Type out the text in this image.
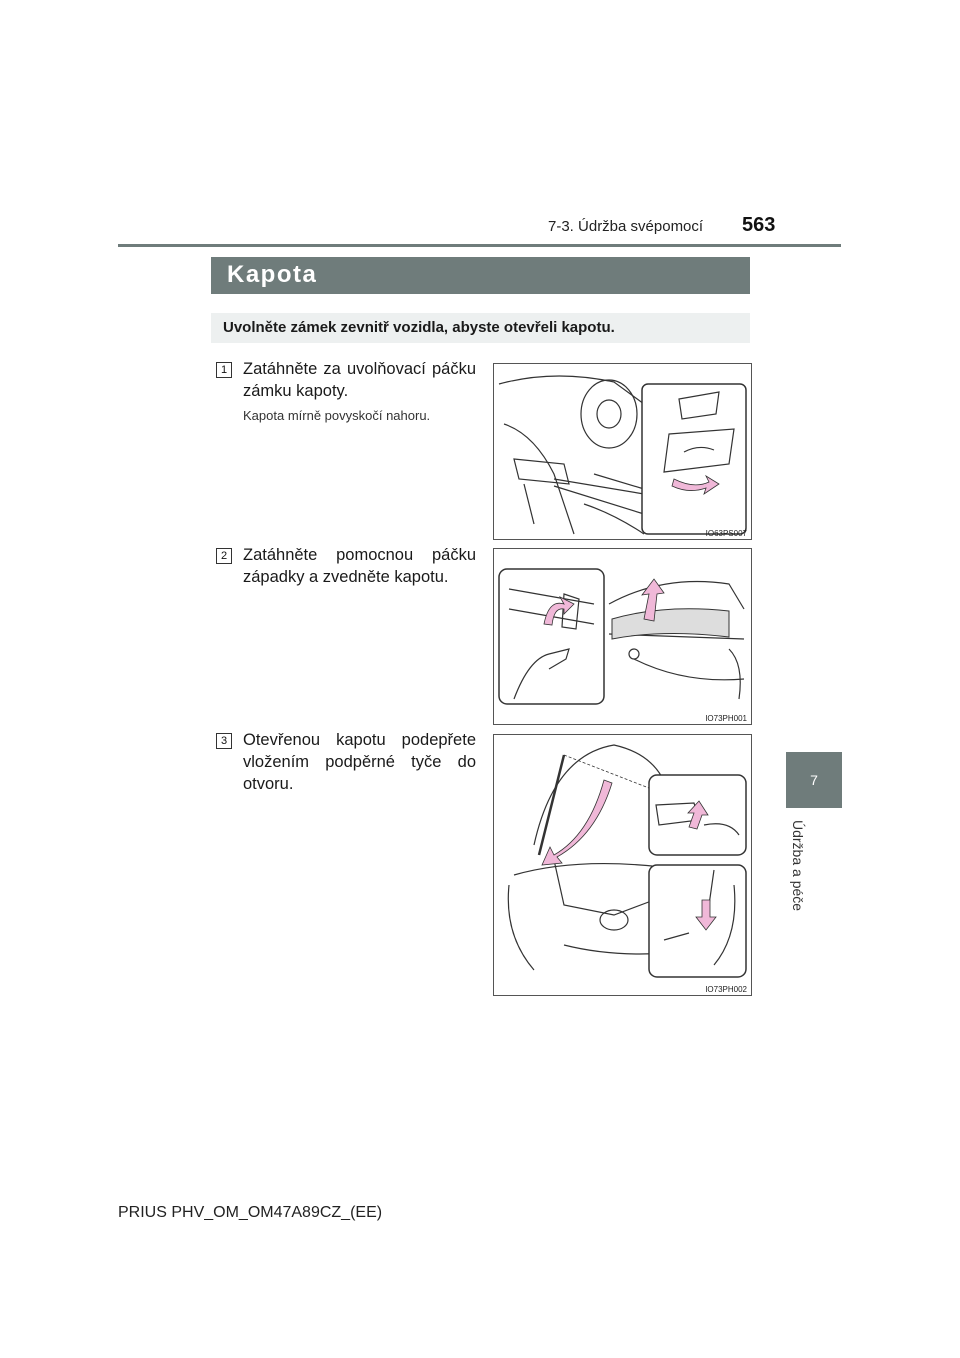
7-3. Údržba svépomocí 563
7
Údržba a péče
Kapota
Uvolněte zámek zevnitř vozidla, abyste otevřeli kapotu.
1 Zatáhněte za uvolňovací páčku zámku kapoty.
Kapota mírně povyskočí nahoru.
IO63PS007
2 Zatáhněte pomocnou páčku západky a zvedněte kapotu.
IO73PH001
3 Otevřenou kapotu podepřete vložením podpěrné tyče do otvoru.
IO73PH002
PRIUS PHV_OM_OM47A89CZ_(EE)
